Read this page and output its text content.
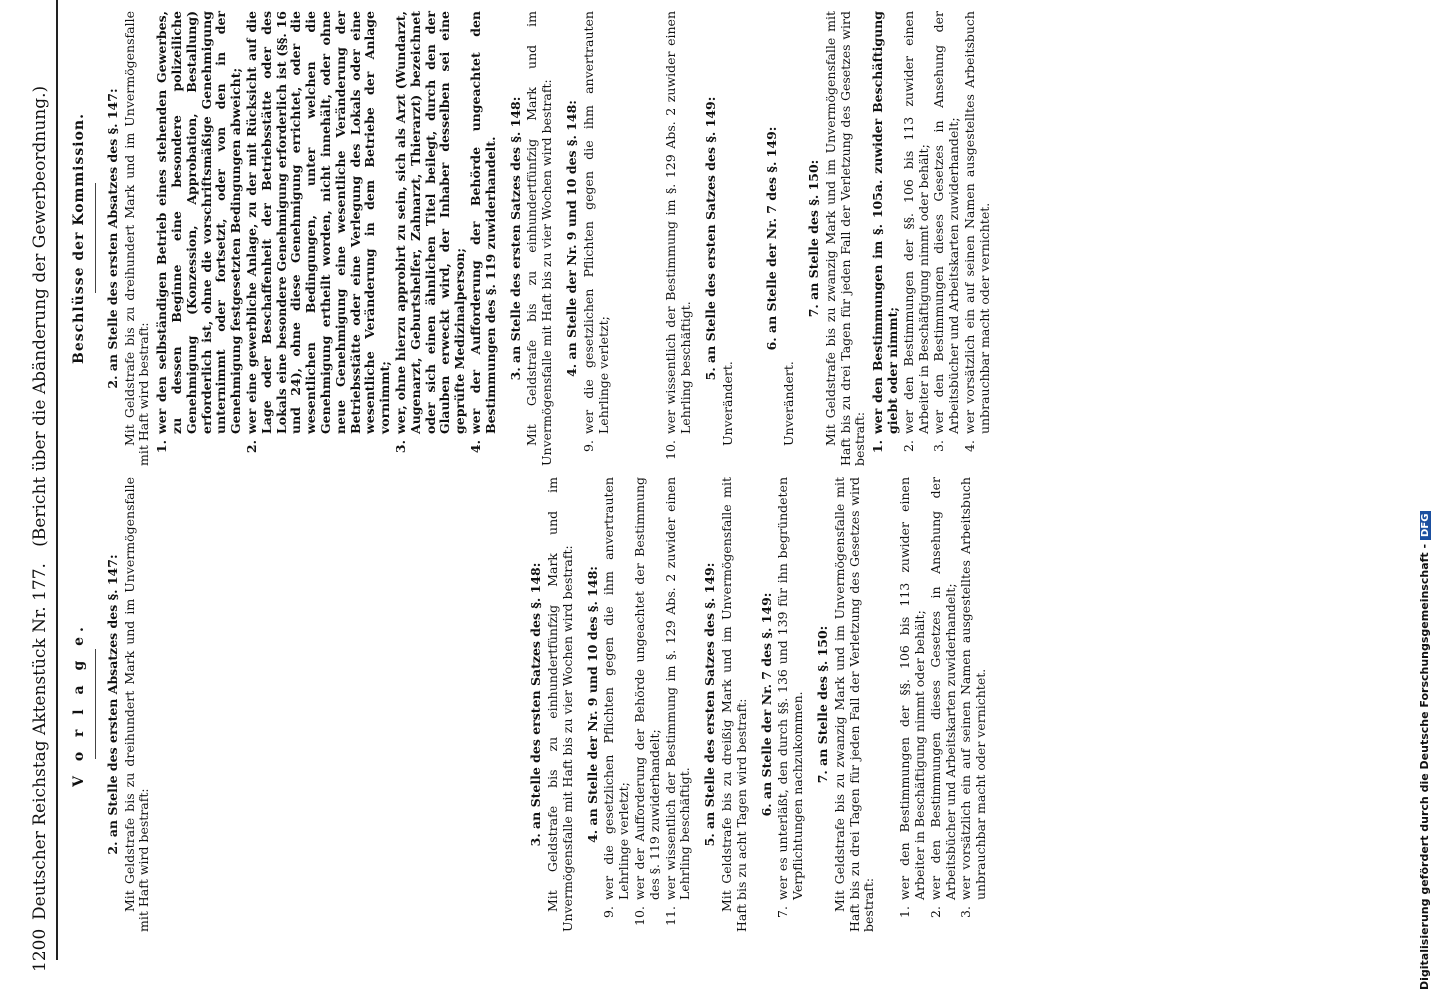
1200
Deutscher Reichstag Aktenstück Nr. 177.   (Bericht über die Abänderung der Gewerbeordnung.)
V o r l a g e. 2. an Stelle des ersten Absatzes des §. 147: Mit Geldstrafe bis zu dreihundert Mark und im Unvermögensfalle mit Haft wird bestraft:

3. an Stelle des ersten Satzes des §. 148: Mit Geldstrafe bis zu einhundertfünfzig Mark und im Unvermögensfalle mit Haft bis zu vier Wochen wird bestraft: 4. an Stelle der Nr. 9 und 10 des §. 148:
9.
wer die gesetzlichen Pflichten gegen die ihm anvertrauten Lehrlinge verletzt;
10.
wer der Aufforderung der Behörde ungeachtet der Bestimmung des §. 119 zuwiderhandelt;
11.
wer wissentlich der Bestimmung im §. 129 Abs. 2 zuwider einen Lehrling beschäftigt. 5. an Stelle des ersten Satzes des §. 149: Mit Geldstrafe bis zu dreißig Mark und im Unvermögensfalle mit Haft bis zu acht Tagen wird bestraft: 6. an Stelle der Nr. 7 des §. 149:
7.
wer es unterläßt, den durch §§. 136 und 139 für ihn begründeten Verpflichtungen nachzukommen. 7. an Stelle des §. 150: Mit Geldstrafe bis zu zwanzig Mark und im Unvermögensfalle mit Haft bis zu drei Tagen für jeden Fall der Verletzung des Gesetzes wird bestraft: 1.
wer den Bestimmungen der §§. 106 bis 113 zuwider einen Arbeiter in Beschäftigung nimmt oder behält;
2.
wer den Bestimmungen dieses Gesetzes in Ansehung der Arbeitsbücher und Arbeitskarten zuwiderhandelt;
3.
wer vorsätzlich ein auf seinen Namen ausgestelltes Arbeitsbuch unbrauchbar macht oder vernichtet.
Beschlüsse der Kommission. 2. an Stelle des ersten Absatzes des §. 147: Mit Geldstrafe bis zu dreihundert Mark und im Unvermögensfalle mit Haft wird bestraft: 1.
wer den selbständigen Betrieb eines stehenden Gewerbes, zu dessen Beginne eine besondere polizeiliche Genehmigung (Konzession, Approbation, Bestallung) erforderlich ist, ohne die vorschriftsmäßige Genehmigung unternimmt oder fortsetzt, oder von den in der Genehmigung festgesetzten Bedingungen abweicht;
2.
wer eine gewerbliche Anlage, zu der mit Rücksicht auf die Lage oder Beschaffenheit der Betriebsstätte oder des Lokals eine besondere Genehmigung erforderlich ist (§§. 16 und 24), ohne diese Genehmigung errichtet, oder die wesentlichen Bedingungen, unter welchen die Genehmigung ertheilt worden, nicht innehält, oder ohne neue Genehmigung eine wesentliche Veränderung der Betriebsstätte oder eine Verlegung des Lokals oder eine wesentliche Veränderung in dem Betriebe der Anlage vornimmt;
3.
wer, ohne hierzu approbirt zu sein, sich als Arzt (Wundarzt, Augenarzt, Geburtshelfer, Zahnarzt, Thierarzt) bezeichnet oder sich einen ähnlichen Titel beilegt, durch den der Glauben erweckt wird, der Inhaber desselben sei eine geprüfte Medizinalperson;
4.
wer der Aufforderung der Behörde ungeachtet den Bestimmungen des §. 119 zuwiderhandelt. 3. an Stelle des ersten Satzes des §. 148: Mit Geldstrafe bis zu einhundertfünfzig Mark und im Unvermögensfalle mit Haft bis zu vier Wochen wird bestraft: 4. an Stelle der Nr. 9 und 10 des §. 148:
9.
wer die gesetzlichen Pflichten gegen die ihm anvertrauten Lehrlinge verletzt;
10.
wer wissentlich der Bestimmung im §. 129 Abs. 2 zuwider einen Lehrling beschäftigt. 5. an Stelle des ersten Satzes des §. 149:
Unverändert.
6. an Stelle der Nr. 7 des §. 149:
Unverändert.
7. an Stelle des §. 150: Mit Geldstrafe bis zu zwanzig Mark und im Unvermögensfalle mit Haft bis zu drei Tagen für jeden Fall der Verletzung des Gesetzes wird bestraft: 1.
wer den Bestimmungen im §. 105a. zuwider Beschäftigung giebt oder nimmt;
2.
wer den Bestimmungen der §§. 106 bis 113 zuwider einen Arbeiter in Beschäftigung nimmt oder behält;
3.
wer den Bestimmungen dieses Gesetzes in Ansehung der Arbeitsbücher und Arbeitskarten zuwiderhandelt;
4.
wer vorsätzlich ein auf seinen Namen ausgestelltes Arbeitsbuch unbrauchbar macht oder vernichtet.
Digitalisierung gefördert durch die Deutsche Forschungsgemeinschaft -DFG
